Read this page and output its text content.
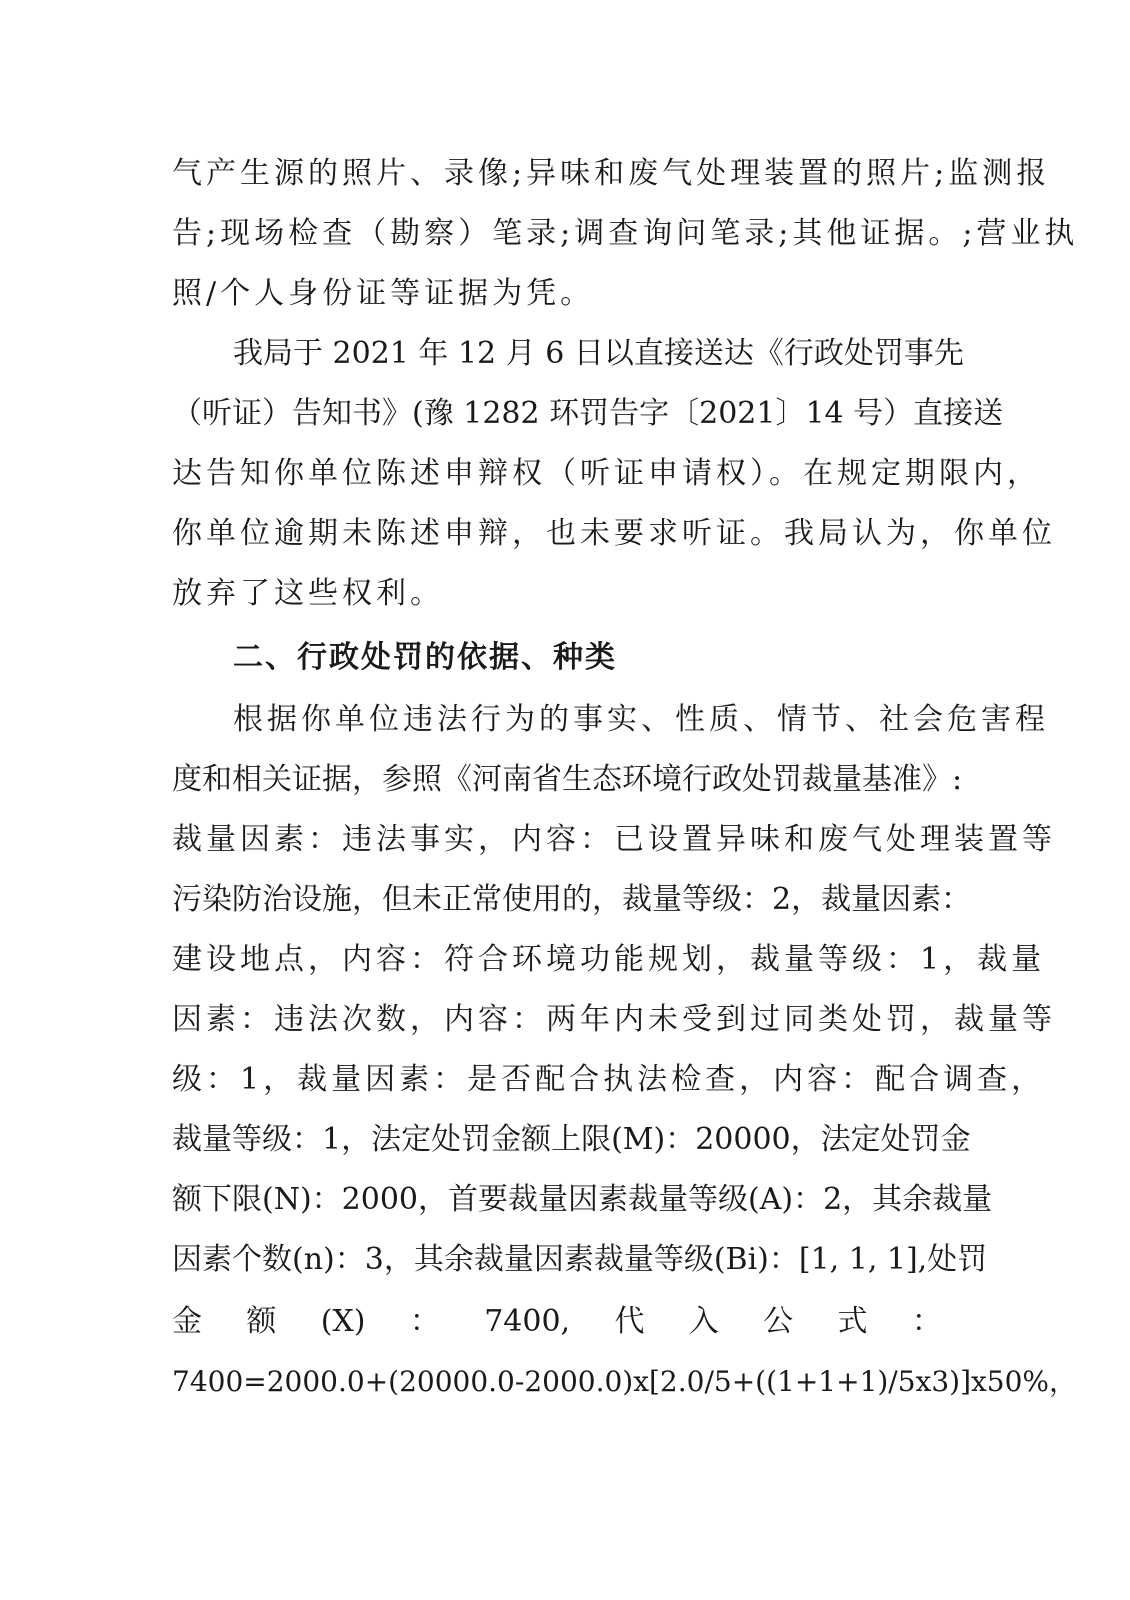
气产生源的照片、录像;异味和废气处理装置的照片;监测报
告;现场检查（勘察）笔录;调查询问笔录;其他证据。;营业执
照/个人身份证等证据为凭。
我局于 2021 年 12 月 6 日以直接送达《行政处罚事先
（听证）告知书》(豫 1282 环罚告字〔2021〕14 号）直接送
达告知你单位陈述申辩权（听证申请权）。在规定期限内，
你单位逾期未陈述申辩，也未要求听证。我局认为，你单位
放弃了这些权利。
二、行政处罚的依据、种类
根据你单位违法行为的事实、性质、情节、社会危害程
度和相关证据，参照《河南省生态环境行政处罚裁量基准》:
裁量因素：违法事实，内容：已设置异味和废气处理装置等
污染防治设施，但未正常使用的，裁量等级：2，裁量因素：
建设地点，内容：符合环境功能规划，裁量等级：1，裁量
因素：违法次数，内容：两年内未受到过同类处罚，裁量等
级：1，裁量因素：是否配合执法检查，内容：配合调查，
裁量等级：1，法定处罚金额上限(M)：20000，法定处罚金
额下限(N)：2000，首要裁量因素裁量等级(A)：2，其余裁量
因素个数(n)：3，其余裁量因素裁量等级(Bi)：[1, 1, 1],处罚
金 额 (X) ： 7400, 代 入 公 式 ：
7400=2000.0+(20000.0-2000.0)x[2.0/5+((1+1+1)/5x3)]x50%，
